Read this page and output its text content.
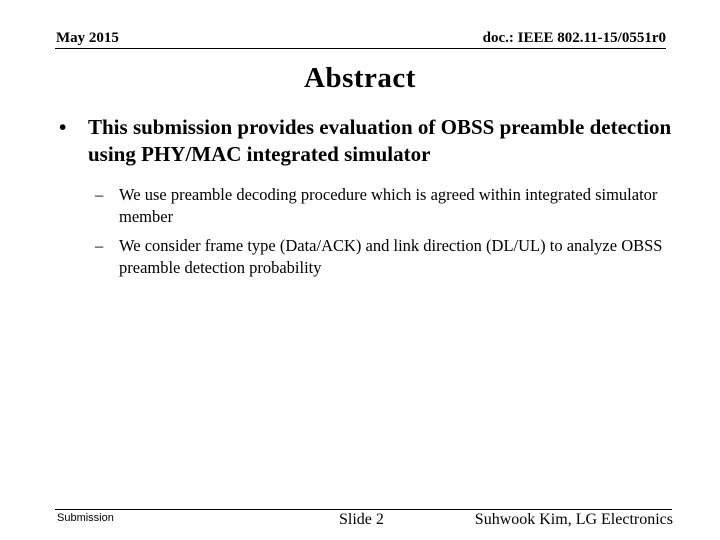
May 2015	doc.: IEEE 802.11-15/0551r0
Abstract
•	This submission provides evaluation of OBSS preamble detection using PHY/MAC integrated simulator
– We use preamble decoding procedure which is agreed within integrated simulator member
– We consider frame type (Data/ACK) and link direction (DL/UL) to analyze OBSS preamble detection probability
Submission	Slide 2	Suhwook Kim, LG Electronics
